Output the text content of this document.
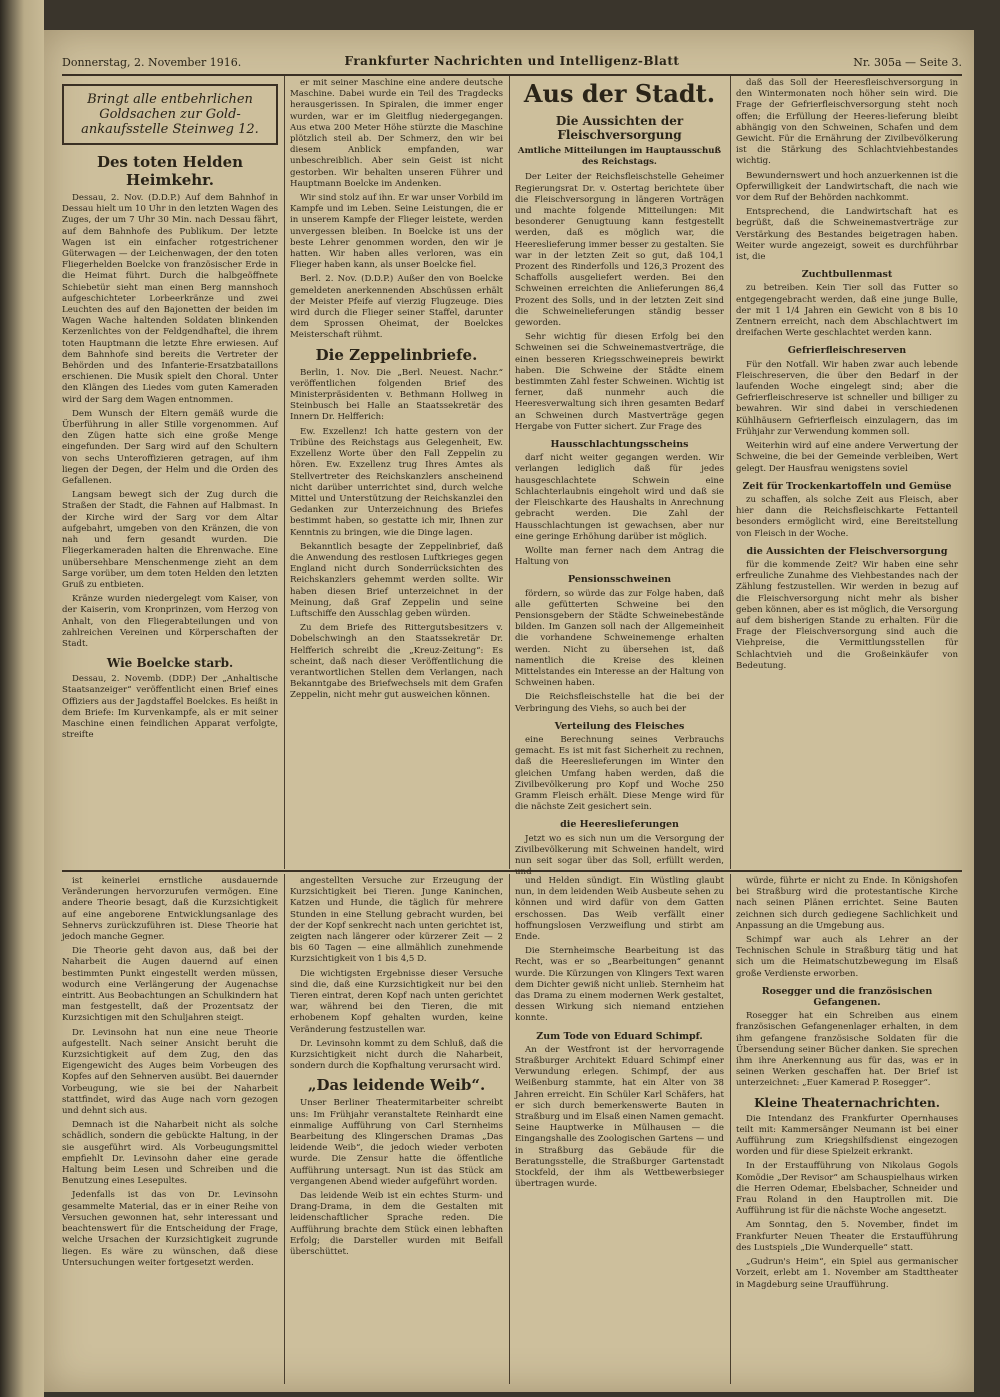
Donnerstag, 2. November 1916.	Frankfurter Nachrichten und Intelligenz-Blatt	Nr. 305a — Seite 3.
Bringt alle entbehrlichen Goldsachen zur Gold-ankaufsstelle Steinweg 12.
Des toten Helden Heimkehr.

Dessau, 2. Nov. (D.D.P.) Auf dem Bahnhof in Dessau hielt um 10 Uhr in den letzten Wagen des Zuges, der um 7 Uhr 30 Min. nach Dessau fährt, auf dem Bahnhofe des Publikum. Der letzte Wagen ist ein einfacher rotgestrichener Güterwagen — der Leichenwagen, der den toten Fliegerhelden Boelcke von französischer Erde in die Heimat führt. Durch die halbgeöffnete Schiebetür sieht man einen Berg mannshoch aufgeschichteter Lorbeerkränze und zwei Leuchten des auf den Bajonetten der beiden im Wagen Wache haltenden Soldaten blinkenden Kerzenlichtes von der Feldgendhaftel, die ihrem toten Hauptmann die letzte Ehre erwiesen. Auf dem Bahnhofe sind bereits die Vertreter der Behörden und des Infanterie-Ersatzbataillons erschienen. Die Musik spielt den Choral. Unter den Klängen des Liedes vom guten Kameraden wird der Sarg dem Wagen entnommen.

Dem Wunsch der Eltern gemäß wurde die Überführung in aller Stille vorgenommen. Auf den Zügen hatte sich eine große Menge eingefunden. Der Sarg wird auf den Schultern von sechs Unteroffizieren getragen, auf ihm liegen der Degen, der Helm und die Orden des Gefallenen.

Langsam bewegt sich der Zug durch die Straßen der Stadt, die Fahnen auf Halbmast. In der Kirche wird der Sarg vor dem Altar aufgebahrt, umgeben von den Kränzen, die von nah und fern gesandt wurden. Die Fliegerkameraden halten die Ehrenwache. Eine unübersehbare Menschenmenge zieht an dem Sarge vorüber, um dem toten Helden den letzten Gruß zu entbieten.

Kränze wurden niedergelegt vom Kaiser, von der Kaiserin, vom Kronprinzen, vom Herzog von Anhalt, von den Fliegerabteilungen und von zahlreichen Vereinen und Körperschaften der Stadt.

Wie Boelcke starb.

Dessau, 2. Novemb. (DDP.) Der „Anhaltische Staatsanzeiger“ veröffentlicht einen Brief eines Offiziers aus der Jagdstaffel Boelckes. Es heißt in dem Briefe: Im Kurvenkampfe, als er mit seiner Maschine einen feindlichen Apparat verfolgte, streifte

er mit seiner Maschine eine andere deutsche Maschine. Dabei wurde ein Teil des Tragdecks herausgerissen. In Spiralen, die immer enger wurden, war er im Gleitflug niedergegangen. Aus etwa 200 Meter Höhe stürzte die Maschine plötzlich steil ab. Der Schmerz, den wir bei diesem Anblick empfanden, war unbeschreiblich. Aber sein Geist ist nicht gestorben. Wir behalten unseren Führer und Hauptmann Boelcke im Andenken.

Wir sind stolz auf ihn. Er war unser Vorbild im Kampfe und im Leben. Seine Leistungen, die er in unserem Kampfe der Flieger leistete, werden unvergessen bleiben. In Boelcke ist uns der beste Lehrer genommen worden, den wir je hatten. Wir haben alles verloren, was ein Flieger haben kann, als unser Boelcke fiel.

Berl. 2. Nov. (D.D.P.) Außer den von Boelcke gemeldeten anerkennenden Abschüssen erhält der Meister Pfeife auf vierzig Flugzeuge. Dies wird durch die Flieger seiner Staffel, darunter dem Sprossen Oheimat, der Boelckes Meisterschaft rühmt.

Die Zeppelinbriefe.

Berlin, 1. Nov. Die „Berl. Neuest. Nachr.“ veröffentlichen folgenden Brief des Ministerpräsidenten v. Bethmann Hollweg in Steinbusch bei Halle an Staatssekretär des Innern Dr. Helfferich:

Ew. Exzellenz! Ich hatte gestern von der Tribüne des Reichstags aus Gelegenheit, Ew. Exzellenz Worte über den Fall Zeppelin zu hören. Ew. Exzellenz trug Ihres Amtes als Stellvertreter des Reichskanzlers anscheinend nicht darüber unterrichtet sind, durch welche Mittel und Unterstützung der Reichskanzlei den Gedanken zur Unterzeichnung des Briefes bestimmt haben, so gestatte ich mir, Ihnen zur Kenntnis zu bringen, wie die Dinge lagen.

Bekanntlich besagte der Zeppelinbrief, daß die Anwendung des restlosen Luftkrieges gegen England nicht durch Sonderrücksichten des Reichskanzlers gehemmt werden sollte. Wir haben diesen Brief unterzeichnet in der Meinung, daß Graf Zeppelin und seine Luftschiffe den Ausschlag geben würden.

Zu dem Briefe des Rittergutsbesitzers v. Dobelschwingh an den Staatssekretär Dr. Helfferich schreibt die „Kreuz-Zeitung“: Es scheint, daß nach dieser Veröffentlichung die verantwortlichen Stellen dem Verlangen, nach Bekanntgabe des Briefwechsels mit dem Grafen Zeppelin, nicht mehr gut ausweichen können.

Aus der Stadt.
Die Aussichten der Fleischversorgung
Amtliche Mitteilungen im Hauptausschuß des Reichstags.

Der Leiter der Reichsfleischstelle Geheimer Regierungsrat Dr. v. Ostertag berichtete über die Fleischversorgung in längeren Vorträgen und machte folgende Mitteilungen: Mit besonderer Genugtuung kann festgestellt werden, daß es möglich war, die Heereslieferung immer besser zu gestalten. Sie war in der letzten Zeit so gut, daß 104,1 Prozent des Rinderfolls und 126,3 Prozent des Schaffolls ausgeliefert werden. Bei den Schweinen erreichten die Anlieferungen 86,4 Prozent des Solls, und in der letzten Zeit sind die Schweinelieferungen ständig besser geworden.

Sehr wichtig für diesen Erfolg bei den Schweinen sei die Schweinemastverträge, die einen besseren Kriegsschweinepreis bewirkt haben. Die Schweine der Städte einem bestimmten Zahl fester Schweinen. Wichtig ist ferner, daß nunmehr auch die Heeresverwaltung sich ihren gesamten Bedarf an Schweinen durch Mastverträge gegen Hergabe von Futter sichert. Zur Frage des

Hausschlachtungsscheins

darf nicht weiter gegangen werden. Wir verlangen lediglich daß für jedes hausgeschlachtete Schwein eine Schlachterlaubnis eingeholt wird und daß sie der Fleischkarte des Haushalts in Anrechnung gebracht werden. Die Zahl der Hausschlachtungen ist gewachsen, aber nur eine geringe Erhöhung darüber ist möglich.

Wollte man ferner nach dem Antrag die Haltung von

Pensionsschweinen

fördern, so würde das zur Folge haben, daß alle gefütterten Schweine bei den Pensionsgebern der Städte Schweinebestände bilden. Im Ganzen soll nach der Allgemeinheit die vorhandene Schweinemenge erhalten werden. Nicht zu übersehen ist, daß namentlich die Kreise des kleinen Mittelstandes ein Interesse an der Haltung von Schweinen haben.

Die Reichsfleischstelle hat die bei der Verbringung des Viehs, so auch bei der

Verteilung des Fleisches

eine Berechnung seines Verbrauchs gemacht. Es ist mit fast Sicherheit zu rechnen, daß die Heereslieferungen im Winter den gleichen Umfang haben werden, daß die Zivilbevölkerung pro Kopf und Woche 250 Gramm Fleisch erhält. Diese Menge wird für die nächste Zeit gesichert sein.

die Heereslieferungen

Jetzt wo es sich nun um die Versorgung der Zivilbevölkerung mit Schweinen handelt, wird nun seit sogar über das Soll, erfüllt werden, und

daß das Soll der Heeresfleischversorgung in den Wintermonaten noch höher sein wird. Die Frage der Gefrierfleischversorgung steht noch offen; die Erfüllung der Heeres-lieferung bleibt abhängig von den Schweinen, Schafen und dem Gewicht. Für die Ernährung der Zivilbevölkerung ist die Stärkung des Schlachtviehbestandes wichtig.

Bewundernswert und hoch anzuerkennen ist die Opferwilligkeit der Landwirtschaft, die nach wie vor dem Ruf der Behörden nachkommt.

Entsprechend, die Landwirtschaft hat es begrüßt, daß die Schweinemastverträge zur Verstärkung des Bestandes beigetragen haben. Weiter wurde angezeigt, soweit es durchführbar ist, die

Zuchtbullenmast

zu betreiben. Kein Tier soll das Futter so entgegengebracht werden, daß eine junge Bulle, der mit 1 1/4 Jahren ein Gewicht von 8 bis 10 Zentnern erreicht, nach dem Abschlachtwert im dreifachen Werte geschlachtet werden kann.

Gefrierfleischreserven

Für den Notfall. Wir haben zwar auch lebende Fleischreserven, die über den Bedarf in der laufenden Woche eingelegt sind; aber die Gefrierfleischreserve ist schneller und billiger zu bewahren. Wir sind dabei in verschiedenen Kühlhäusern Gefrierfleisch einzulagern, das im Frühjahr zur Verwendung kommen soll.

Weiterhin wird auf eine andere Verwertung der Schweine, die bei der Gemeinde verbleiben, Wert gelegt. Der Hausfrau wenigstens soviel

Zeit für Trockenkartoffeln und Gemüse

zu schaffen, als solche Zeit aus Fleisch, aber hier dann die Reichsfleischkarte Fettanteil besonders ermöglicht wird, eine Bereitstellung von Fleisch in der Woche.

die Aussichten der Fleischversorgung

für die kommende Zeit? Wir haben eine sehr erfreuliche Zunahme des Viehbestandes nach der Zählung festzustellen. Wir werden in bezug auf die Fleischversorgung nicht mehr als bisher geben können, aber es ist möglich, die Versorgung auf dem bisherigen Stande zu erhalten. Für die Frage der Fleischversorgung sind auch die Viehpreise, die Vermittlungsstellen für Schlachtvieh und die Großeinkäufer von Bedeutung.

ist keinerlei ernstliche ausdauernde Veränderungen hervorzurufen vermögen. Eine andere Theorie besagt, daß die Kurzsichtigkeit auf eine angeborene Entwicklungsanlage des Sehnervs zurückzuführen ist. Diese Theorie hat jedoch manche Gegner.

Die Theorie geht davon aus, daß bei der Naharbeit die Augen dauernd auf einen bestimmten Punkt eingestellt werden müssen, wodurch eine Verlängerung der Augenachse eintritt. Aus Beobachtungen an Schulkindern hat man festgestellt, daß der Prozentsatz der Kurzsichtigen mit den Schuljahren steigt.

Dr. Levinsohn hat nun eine neue Theorie aufgestellt. Nach seiner Ansicht beruht die Kurzsichtigkeit auf dem Zug, den das Eigengewicht des Auges beim Vorbeugen des Kopfes auf den Sehnerven ausübt. Bei dauernder Vorbeugung, wie sie bei der Naharbeit stattfindet, wird das Auge nach vorn gezogen und dehnt sich aus.

Demnach ist die Naharbeit nicht als solche schädlich, sondern die gebückte Haltung, in der sie ausgeführt wird. Als Vorbeugungsmittel empfiehlt Dr. Levinsohn daher eine gerade Haltung beim Lesen und Schreiben und die Benutzung eines Lesepultes.

Jedenfalls ist das von Dr. Levinsohn gesammelte Material, das er in einer Reihe von Versuchen gewonnen hat, sehr interessant und beachtenswert für die Entscheidung der Frage, welche Ursachen der Kurzsichtigkeit zugrunde liegen. Es wäre zu wünschen, daß diese Untersuchungen weiter fortgesetzt werden.

angestellten Versuche zur Erzeugung der Kurzsichtigkeit bei Tieren. Junge Kaninchen, Katzen und Hunde, die täglich für mehrere Stunden in eine Stellung gebracht wurden, bei der der Kopf senkrecht nach unten gerichtet ist, zeigten nach längerer oder kürzerer Zeit — 2 bis 60 Tagen — eine allmählich zunehmende Kurzsichtigkeit von 1 bis 4,5 D.

Die wichtigsten Ergebnisse dieser Versuche sind die, daß eine Kurzsichtigkeit nur bei den Tieren eintrat, deren Kopf nach unten gerichtet war, während bei den Tieren, die mit erhobenem Kopf gehalten wurden, keine Veränderung festzustellen war.

Dr. Levinsohn kommt zu dem Schluß, daß die Kurzsichtigkeit nicht durch die Naharbeit, sondern durch die Kopfhaltung verursacht wird.

„Das leidende Weib“.

Unser Berliner Theatermitarbeiter schreibt uns: Im Frühjahr veranstaltete Reinhardt eine einmalige Aufführung von Carl Sternheims Bearbeitung des Klingerschen Dramas „Das leidende Weib“, die jedoch wieder verboten wurde. Die Zensur hatte die öffentliche Aufführung untersagt. Nun ist das Stück am vergangenen Abend wieder aufgeführt worden.

Das leidende Weib ist ein echtes Sturm- und Drang-Drama, in dem die Gestalten mit leidenschaftlicher Sprache reden. Die Aufführung brachte dem Stück einen lebhaften Erfolg; die Darsteller wurden mit Beifall überschüttet.

und Helden sündigt. Ein Wüstling glaubt nun, in dem leidenden Weib Ausbeute sehen zu können und wird dafür von dem Gatten erschossen. Das Weib verfällt einer hoffnungslosen Verzweiflung und stirbt am Ende.

Die Sternheimsche Bearbeitung ist das Recht, was er so „Bearbeitungen“ genannt wurde. Die Kürzungen von Klingers Text waren dem Dichter gewiß nicht unlieb. Sternheim hat das Drama zu einem modernen Werk gestaltet, dessen Wirkung sich niemand entziehen konnte.

Zum Tode von Eduard Schimpf.

An der Westfront ist der hervorragende Straßburger Architekt Eduard Schimpf einer Verwundung erlegen. Schimpf, der aus Weißenburg stammte, hat ein Alter von 38 Jahren erreicht. Ein Schüler Karl Schäfers, hat er sich durch bemerkenswerte Bauten in Straßburg und im Elsaß einen Namen gemacht. Seine Hauptwerke in Mülhausen — die Eingangshalle des Zoologischen Gartens — und in Straßburg das Gebäude für die Beratungsstelle, die Straßburger Gartenstadt Stockfeld, der ihm als Wettbewerbsieger übertragen wurde.

würde, führte er nicht zu Ende. In Königshofen bei Straßburg wird die protestantische Kirche nach seinen Plänen errichtet. Seine Bauten zeichnen sich durch gediegene Sachlichkeit und Anpassung an die Umgebung aus.

Schimpf war auch als Lehrer an der Technischen Schule in Straßburg tätig und hat sich um die Heimatschutzbewegung im Elsaß große Verdienste erworben.

Rosegger und die französischen Gefangenen.

Rosegger hat ein Schreiben aus einem französischen Gefangenenlager erhalten, in dem ihm gefangene französische Soldaten für die Übersendung seiner Bücher danken. Sie sprechen ihm ihre Anerkennung aus für das, was er in seinen Werken geschaffen hat. Der Brief ist unterzeichnet: „Euer Kamerad P. Rosegger“.

Kleine Theaternachrichten.

Die Intendanz des Frankfurter Opernhauses teilt mit: Kammersänger Neumann ist bei einer Aufführung zum Kriegshilfsdienst eingezogen worden und für diese Spielzeit erkrankt.

In der Erstaufführung von Nikolaus Gogols Komödie „Der Revisor“ am Schauspielhaus wirken die Herren Odemar, Ebelsbacher, Schneider und Frau Roland in den Hauptrollen mit. Die Aufführung ist für die nächste Woche angesetzt.

Am Sonntag, den 5. November, findet im Frankfurter Neuen Theater die Erstaufführung des Lustspiels „Die Wunderquelle“ statt.

„Gudrun's Heim“, ein Spiel aus germanischer Vorzeit, erlebt am 1. November am Stadttheater in Magdeburg seine Uraufführung.
